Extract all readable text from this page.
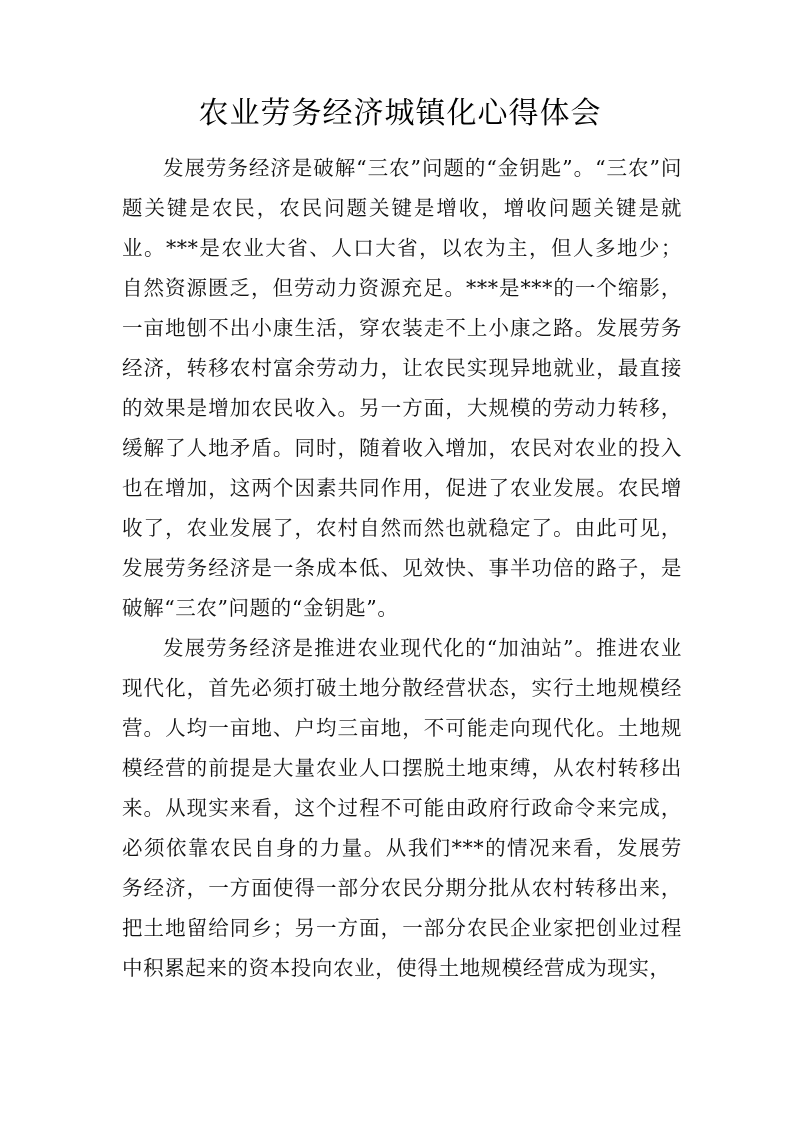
农业劳务经济城镇化心得体会

发展劳务经济是破解“三农”问题的“金钥匙”。“三农”问题关键是农民，农民问题关键是增收，增收问题关键是就业。***是农业大省、人口大省，以农为主，但人多地少；自然资源匮乏，但劳动力资源充足。***是***的一个缩影，一亩地刨不出小康生活，穿农装走不上小康之路。发展劳务经济，转移农村富余劳动力，让农民实现异地就业，最直接的效果是增加农民收入。另一方面，大规模的劳动力转移，缓解了人地矛盾。同时，随着收入增加，农民对农业的投入也在增加，这两个因素共同作用，促进了农业发展。农民增收了，农业发展了，农村自然而然也就稳定了。由此可见，发展劳务经济是一条成本低、见效快、事半功倍的路子，是破解“三农”问题的“金钥匙”。

发展劳务经济是推进农业现代化的“加油站”。推进农业现代化，首先必须打破土地分散经营状态，实行土地规模经营。人均一亩地、户均三亩地，不可能走向现代化。土地规模经营的前提是大量农业人口摆脱土地束缚，从农村转移出来。从现实来看，这个过程不可能由政府行政命令来完成，必须依靠农民自身的力量。从我们***的情况来看，发展劳务经济，一方面使得一部分农民分期分批从农村转移出来，把土地留给同乡；另一方面，一部分农民企业家把创业过程中积累起来的资本投向农业，使得土地规模经营成为现实，
